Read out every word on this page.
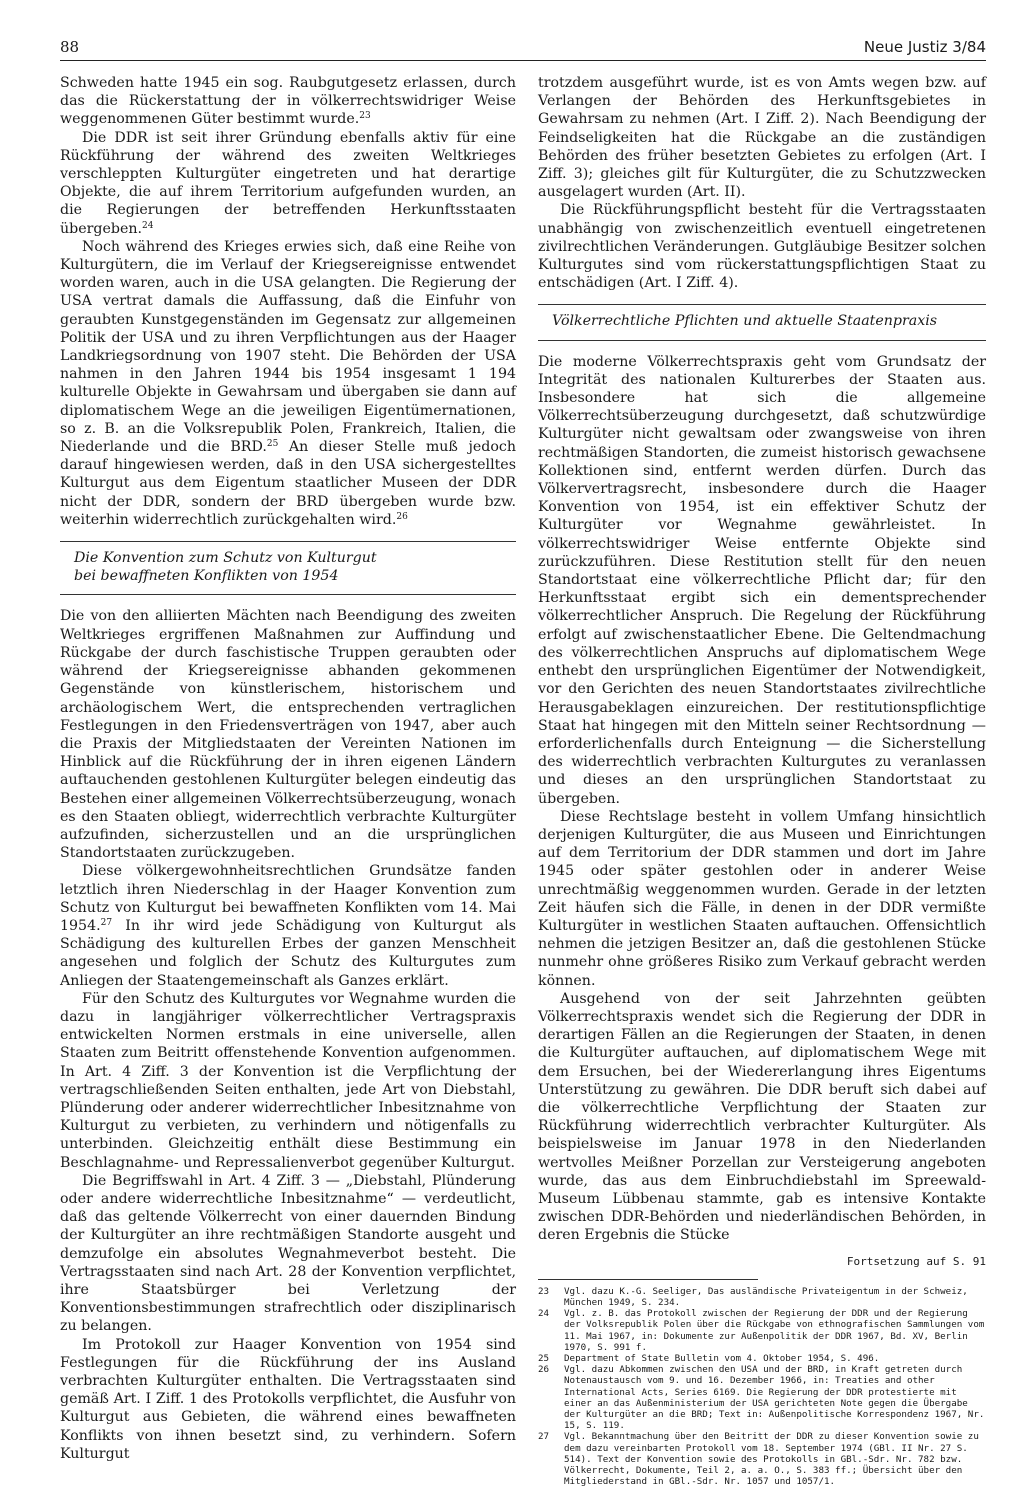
88	Neue Justiz 3/84

Schweden hatte 1945 ein sog. Raubgutgesetz erlassen, durch das die Rückerstattung der in völkerrechtswidriger Weise weggenommenen Güter bestimmt wurde.$^{23}$

Die DDR ist seit ihrer Gründung ebenfalls aktiv für eine Rückführung der während des zweiten Weltkrieges verschleppten Kulturgüter eingetreten und hat derartige Objekte, die auf ihrem Territorium aufgefunden wurden, an die Regierungen der betreffenden Herkunftsstaaten übergeben.$^{24}$

Noch während des Krieges erwies sich, daß eine Reihe von Kulturgütern, die im Verlauf der Kriegsereignisse entwendet worden waren, auch in die USA gelangten. Die Regierung der USA vertrat damals die Auffassung, daß die Einfuhr von geraubten Kunstgegenständen im Gegensatz zur allgemeinen Politik der USA und zu ihren Verpflichtungen aus der Haager Landkriegsordnung von 1907 steht. Die Behörden der USA nahmen in den Jahren 1944 bis 1954 insgesamt 1 194 kulturelle Objekte in Gewahrsam und übergaben sie dann auf diplomatischem Wege an die jeweiligen Eigentümernationen, so z. B. an die Volksrepublik Polen, Frankreich, Italien, die Niederlande und die BRD.$^{25}$ An dieser Stelle muß jedoch darauf hingewiesen werden, daß in den USA sichergestelltes Kulturgut aus dem Eigentum staatlicher Museen der DDR nicht der DDR, sondern der BRD übergeben wurde bzw. weiterhin widerrechtlich zurückgehalten wird.$^{26}$

Die Konvention zum Schutz von Kulturgut
bei bewaffneten Konflikten von 1954

Die von den alliierten Mächten nach Beendigung des zweiten Weltkrieges ergriffenen Maßnahmen zur Auffindung und Rückgabe der durch faschistische Truppen geraubten oder während der Kriegsereignisse abhanden gekommenen Gegenstände von künstlerischem, historischem und archäologischem Wert, die entsprechenden vertraglichen Festlegungen in den Friedensverträgen von 1947, aber auch die Praxis der Mitgliedstaaten der Vereinten Nationen im Hinblick auf die Rückführung der in ihren eigenen Ländern auftauchenden gestohlenen Kulturgüter belegen eindeutig das Bestehen einer allgemeinen Völkerrechtsüberzeugung, wonach es den Staaten obliegt, widerrechtlich verbrachte Kulturgüter aufzufinden, sicherzustellen und an die ursprünglichen Standortstaaten zurückzugeben.

Diese völkergewohnheitsrechtlichen Grundsätze fanden letztlich ihren Niederschlag in der Haager Konvention zum Schutz von Kulturgut bei bewaffneten Konflikten vom 14. Mai 1954.27 In ihr wird jede Schädigung von Kulturgut als Schädigung des kulturellen Erbes der ganzen Menschheit angesehen und folglich der Schutz des Kulturgutes zum Anliegen der Staatengemeinschaft als Ganzes erklärt.

Für den Schutz des Kulturgutes vor Wegnahme wurden die dazu in langjähriger völkerrechtlicher Vertragspraxis entwickelten Normen erstmals in eine universelle, allen Staaten zum Beitritt offenstehende Konvention aufgenommen. In Art. 4 Ziff. 3 der Konvention ist die Verpflichtung der vertragschließenden Seiten enthalten, jede Art von Diebstahl, Plünderung oder anderer widerrechtlicher Inbesitznahme von Kulturgut zu verbieten, zu verhindern und nötigenfalls zu unterbinden. Gleichzeitig enthält diese Bestimmung ein Beschlagnahme- und Repressalienverbot gegenüber Kulturgut.

Die Begriffswahl in Art. 4 Ziff. 3 — „Diebstahl, Plünderung oder andere widerrechtliche Inbesitznahme“ — verdeutlicht, daß das geltende Völkerrecht von einer dauernden Bindung der Kulturgüter an ihre rechtmäßigen Standorte ausgeht und demzufolge ein absolutes Wegnahmeverbot besteht. Die Vertragsstaaten sind nach Art. 28 der Konvention verpflichtet, ihre Staatsbürger bei Verletzung der Konventionsbestimmungen strafrechtlich oder disziplinarisch zu belangen.

Im Protokoll zur Haager Konvention von 1954 sind Festlegungen für die Rückführung der ins Ausland verbrachten Kulturgüter enthalten. Die Vertragsstaaten sind gemäß Art. I Ziff. 1 des Protokolls verpflichtet, die Ausfuhr von Kulturgut aus Gebieten, die während eines bewaffneten Konflikts von ihnen besetzt sind, zu verhindern. Sofern Kulturgut

trotzdem ausgeführt wurde, ist es von Amts wegen bzw. auf Verlangen der Behörden des Herkunftsgebietes in Gewahrsam zu nehmen (Art. I Ziff. 2). Nach Beendigung der Feindseligkeiten hat die Rückgabe an die zuständigen Behörden des früher besetzten Gebietes zu erfolgen (Art. I Ziff. 3); gleiches gilt für Kulturgüter, die zu Schutzzwecken ausgelagert wurden (Art. II).

Die Rückführungspflicht besteht für die Vertragsstaaten unabhängig von zwischenzeitlich eventuell eingetretenen zivilrechtlichen Veränderungen. Gutgläubige Besitzer solchen Kulturgutes sind vom rückerstattungspflichtigen Staat zu entschädigen (Art. I Ziff. 4).

Völkerrechtliche Pflichten und aktuelle Staatenpraxis

Die moderne Völkerrechtspraxis geht vom Grundsatz der Integrität des nationalen Kulturerbes der Staaten aus. Insbesondere hat sich die allgemeine Völkerrechtsüberzeugung durchgesetzt, daß schutzwürdige Kulturgüter nicht gewaltsam oder zwangsweise von ihren rechtmäßigen Standorten, die zumeist historisch gewachsene Kollektionen sind, entfernt werden dürfen. Durch das Völkervertragsrecht, insbesondere durch die Haager Konvention von 1954, ist ein effektiver Schutz der Kulturgüter vor Wegnahme gewährleistet. In völkerrechtswidriger Weise entfernte Objekte sind zurückzuführen. Diese Restitution stellt für den neuen Standortstaat eine völkerrechtliche Pflicht dar; für den Herkunftsstaat ergibt sich ein dementsprechender völkerrechtlicher Anspruch. Die Regelung der Rückführung erfolgt auf zwischenstaatlicher Ebene. Die Geltendmachung des völkerrechtlichen Anspruchs auf diplomatischem Wege enthebt den ursprünglichen Eigentümer der Notwendigkeit, vor den Gerichten des neuen Standortstaates zivilrechtliche Herausgabeklagen einzureichen. Der restitutionspflichtige Staat hat hingegen mit den Mitteln seiner Rechtsordnung — erforderlichenfalls durch Enteignung — die Sicherstellung des widerrechtlich verbrachten Kulturgutes zu veranlassen und dieses an den ursprünglichen Standortstaat zu übergeben.

Diese Rechtslage besteht in vollem Umfang hinsichtlich derjenigen Kulturgüter, die aus Museen und Einrichtungen auf dem Territorium der DDR stammen und dort im Jahre 1945 oder später gestohlen oder in anderer Weise unrechtmäßig weggenommen wurden. Gerade in der letzten Zeit häufen sich die Fälle, in denen in der DDR vermißte Kulturgüter in westlichen Staaten auftauchen. Offensichtlich nehmen die jetzigen Besitzer an, daß die gestohlenen Stücke nunmehr ohne größeres Risiko zum Verkauf gebracht werden können.

Ausgehend von der seit Jahrzehnten geübten Völkerrechtspraxis wendet sich die Regierung der DDR in derartigen Fällen an die Regierungen der Staaten, in denen die Kulturgüter auftauchen, auf diplomatischem Wege mit dem Ersuchen, bei der Wiedererlangung ihres Eigentums Unterstützung zu gewähren. Die DDR beruft sich dabei auf die völkerrechtliche Verpflichtung der Staaten zur Rückführung widerrechtlich verbrachter Kulturgüter. Als beispielsweise im Januar 1978 in den Niederlanden wertvolles Meißner Porzellan zur Versteigerung angeboten wurde, das aus dem Einbruchdiebstahl im Spreewald-Museum Lübbenau stammte, gab es intensive Kontakte zwischen DDR-Behörden und niederländischen Behörden, in deren Ergebnis die Stücke

Fortsetzung auf S. 91
23	Vgl. dazu K.-G. Seeliger, Das ausländische Privateigentum in der Schweiz, München 1949, S. 234.
24	Vgl. z. B. das Protokoll zwischen der Regierung der DDR und der Regierung der Volksrepublik Polen über die Rückgabe von ethnografischen Sammlungen vom 11. Mai 1967, in: Dokumente zur Außenpolitik der DDR 1967, Bd. XV, Berlin 1970, S. 991 f.
25	Department of State Bulletin vom 4. Oktober 1954, S. 496.
26	Vgl. dazu Abkommen zwischen den USA und der BRD, in Kraft getreten durch Notenaustausch vom 9. und 16. Dezember 1966, in: Treaties and other International Acts, Series 6169. Die Regierung der DDR protestierte mit einer an das Außenministerium der USA gerichteten Note gegen die Übergabe der Kulturgüter an die BRD; Text in: Außenpolitische Korrespondenz 1967, Nr. 15, S. 119.
27	Vgl. Bekanntmachung über den Beitritt der DDR zu dieser Konvention sowie zu dem dazu vereinbarten Protokoll vom 18. September 1974 (GBl. II Nr. 27 S. 514). Text der Konvention sowie des Protokolls in GBl.-Sdr. Nr. 782 bzw. Völkerrecht, Dokumente, Teil 2, a. a. O., S. 383 ff.; Übersicht über den Mitgliederstand in GBl.-Sdr. Nr. 1057 und 1057/1.
